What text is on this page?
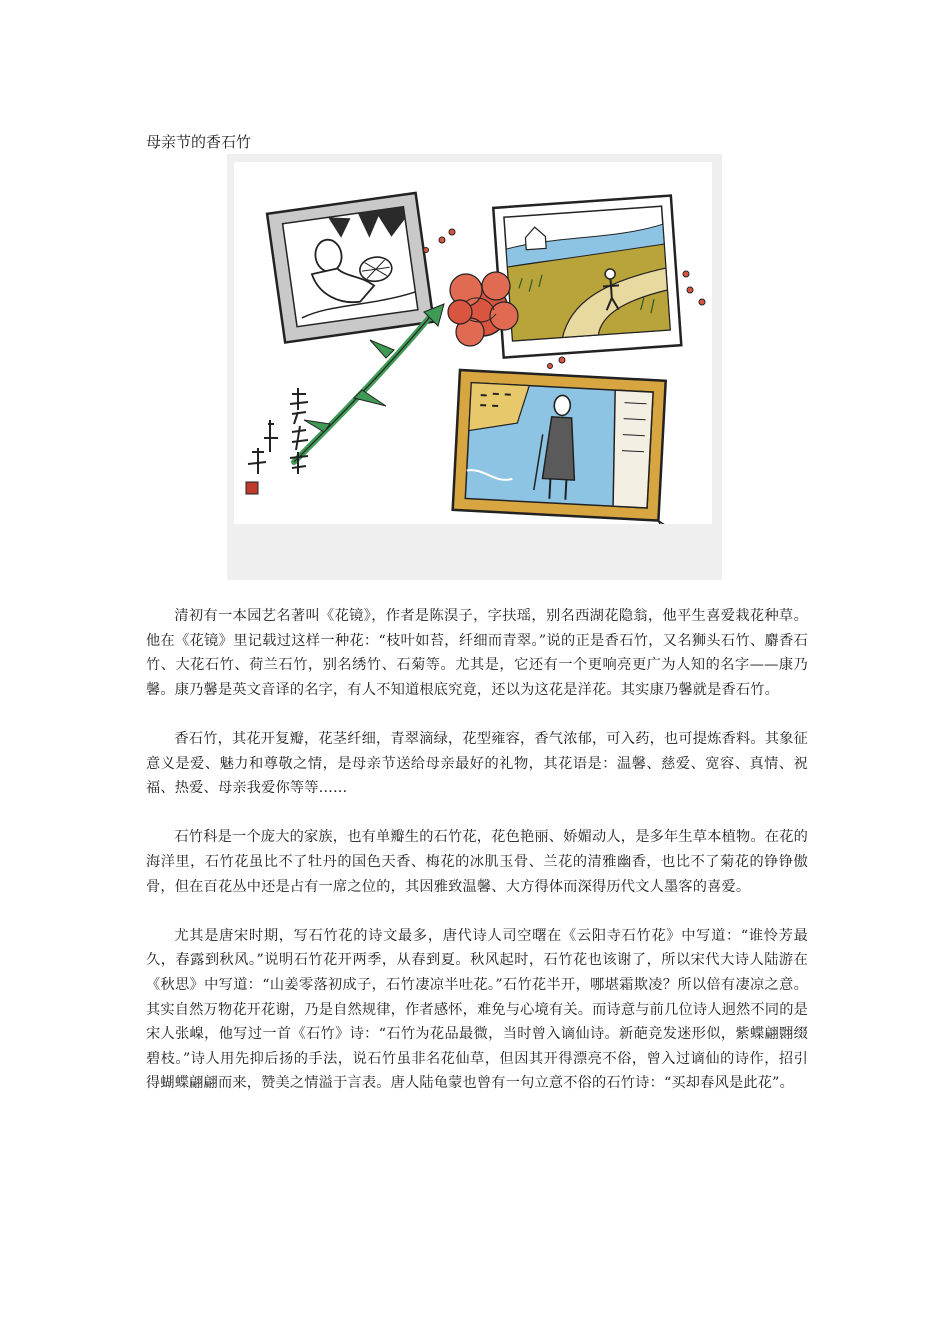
母亲节的香石竹

清初有一本园艺名著叫《花镜》，作者是陈淏子，字扶瑶，别名西湖花隐翁，他平生喜爱栽花种草。他在《花镜》里记载过这样一种花：“枝叶如苔，纤细而青翠。”说的正是香石竹，又名狮头石竹、麝香石竹、大花石竹、荷兰石竹，别名绣竹、石菊等。尤其是，它还有一个更响亮更广为人知的名字——康乃馨。康乃馨是英文音译的名字，有人不知道根底究竟，还以为这花是洋花。其实康乃馨就是香石竹。

香石竹，其花开复瓣，花茎纤细，青翠滴绿，花型雍容，香气浓郁，可入药，也可提炼香料。其象征意义是爱、魅力和尊敬之情，是母亲节送给母亲最好的礼物，其花语是：温馨、慈爱、宽容、真情、祝福、热爱、母亲我爱你等等……

石竹科是一个庞大的家族，也有单瓣生的石竹花，花色艳丽、娇媚动人，是多年生草本植物。在花的海洋里，石竹花虽比不了牡丹的国色天香、梅花的冰肌玉骨、兰花的清雅幽香，也比不了菊花的铮铮傲骨，但在百花丛中还是占有一席之位的，其因雅致温馨、大方得体而深得历代文人墨客的喜爱。

尤其是唐宋时期，写石竹花的诗文最多，唐代诗人司空曙在《云阳寺石竹花》中写道：“谁怜芳最久，春露到秋风。”说明石竹花开两季，从春到夏。秋风起时，石竹花也该谢了，所以宋代大诗人陆游在《秋思》中写道：“山姜零落初成子，石竹凄凉半吐花。”石竹花半开，哪堪霜欺凌？所以倍有凄凉之意。其实自然万物花开花谢，乃是自然规律，作者感怀，难免与心境有关。而诗意与前几位诗人迥然不同的是宋人张嵲，他写过一首《石竹》诗：“石竹为花品最微，当时曾入谪仙诗。新葩竞发迷形似，紫蝶翩翾缀碧枝。”诗人用先抑后扬的手法，说石竹虽非名花仙草，但因其开得漂亮不俗，曾入过谪仙的诗作，招引得蝴蝶翩翩而来，赞美之情溢于言表。唐人陆龟蒙也曾有一句立意不俗的石竹诗：“买却春风是此花”。
